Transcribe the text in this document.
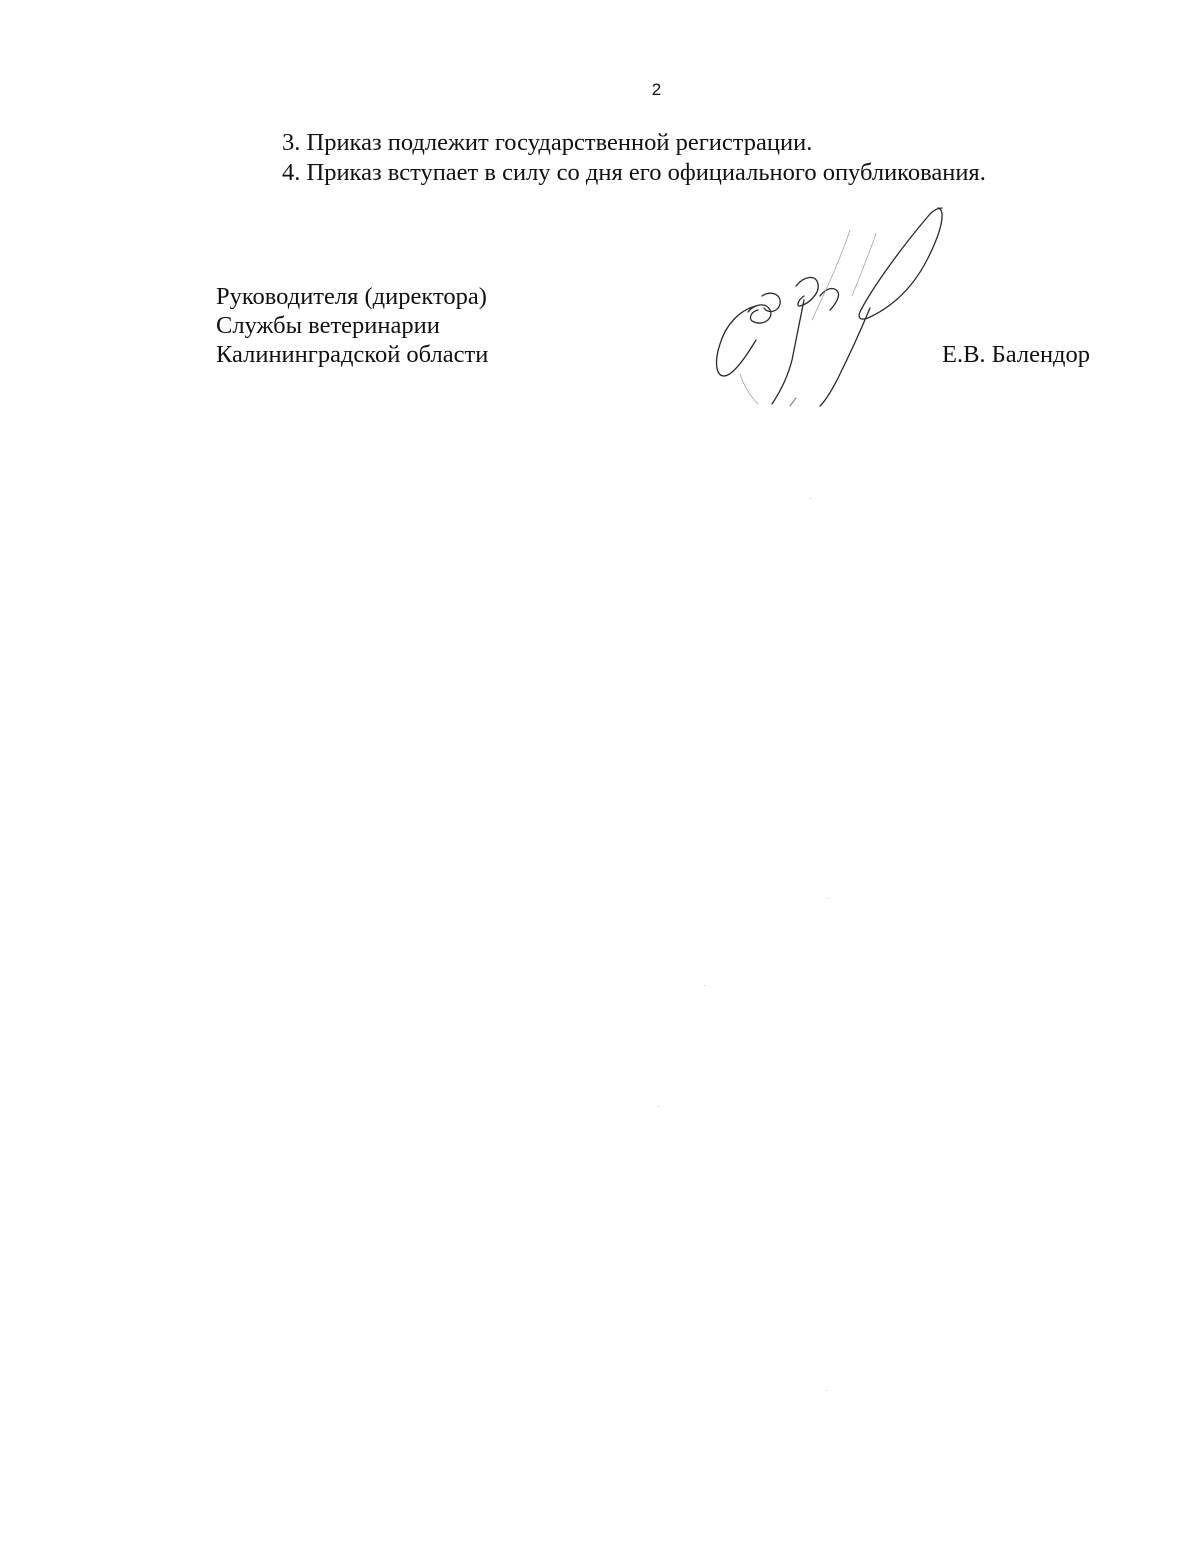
2

3. Приказ подлежит государственной регистрации.

4. Приказ вступает в силу со дня его официального опубликования.

Руководителя (директора)
Службы ветеринарии
Калининградской области	Е.В. Балендор
